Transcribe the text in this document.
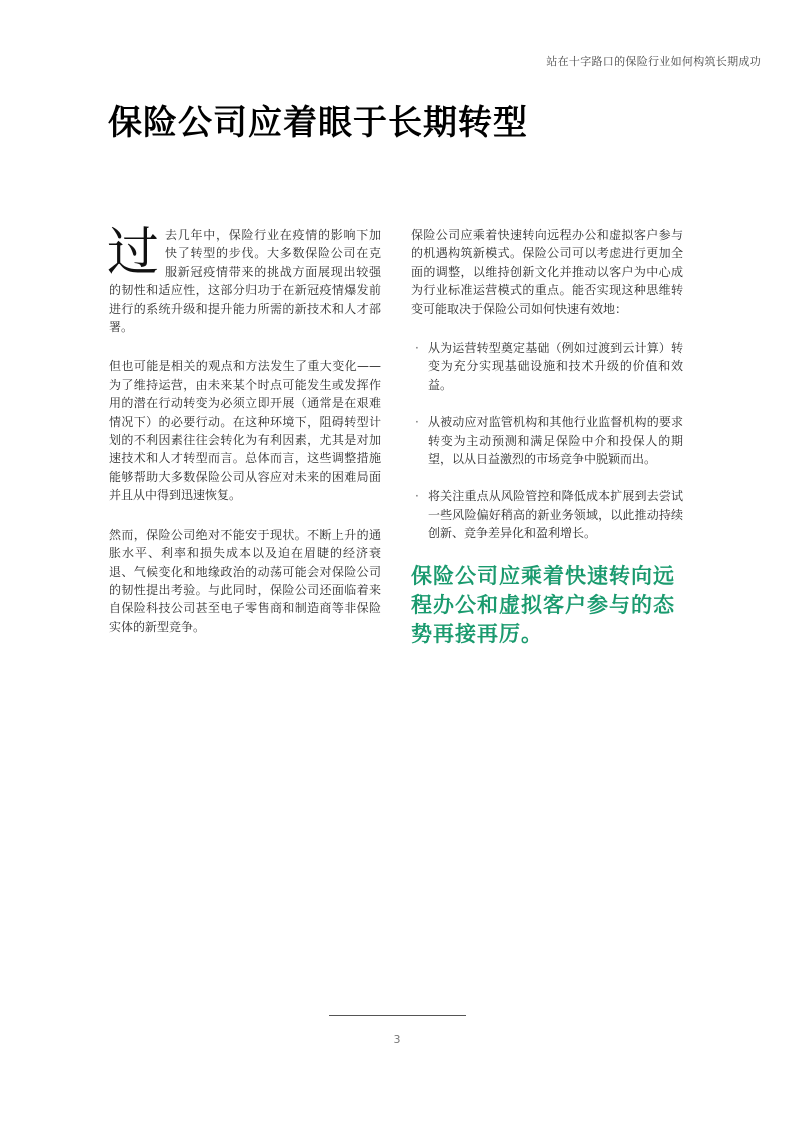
站在十字路口的保险行业如何构筑长期成功
保险公司应着眼于长期转型

过去几年中，保险行业在疫情的影响下加快了转型的步伐。大多数保险公司在克服新冠疫情带来的挑战方面展现出较强的韧性和适应性，这部分归功于在新冠疫情爆发前进行的系统升级和提升能力所需的新技术和人才部署。

但也可能是相关的观点和方法发生了重大变化——为了维持运营，由未来某个时点可能发生或发挥作用的潜在行动转变为必须立即开展（通常是在艰难情况下）的必要行动。在这种环境下，阻碍转型计划的不利因素往往会转化为有利因素，尤其是对加速技术和人才转型而言。总体而言，这些调整措施能够帮助大多数保险公司从容应对未来的困难局面并且从中得到迅速恢复。

然而，保险公司绝对不能安于现状。不断上升的通胀水平、利率和损失成本以及迫在眉睫的经济衰退、气候变化和地缘政治的动荡可能会对保险公司的韧性提出考验。与此同时，保险公司还面临着来自保险科技公司甚至电子零售商和制造商等非保险实体的新型竞争。

保险公司应乘着快速转向远程办公和虚拟客户参与的机遇构筑新模式。保险公司可以考虑进行更加全面的调整，以维持创新文化并推动以客户为中心成为行业标准运营模式的重点。能否实现这种思维转变可能取决于保险公司如何快速有效地：

· 从为运营转型奠定基础（例如过渡到云计算）转变为充分实现基础设施和技术升级的价值和效益。
· 从被动应对监管机构和其他行业监督机构的要求转变为主动预测和满足保险中介和投保人的期望，以从日益激烈的市场竞争中脱颖而出。
· 将关注重点从风险管控和降低成本扩展到去尝试一些风险偏好稍高的新业务领域，以此推动持续创新、竞争差异化和盈利增长。

保险公司应乘着快速转向远程办公和虚拟客户参与的态势再接再厉。

3
